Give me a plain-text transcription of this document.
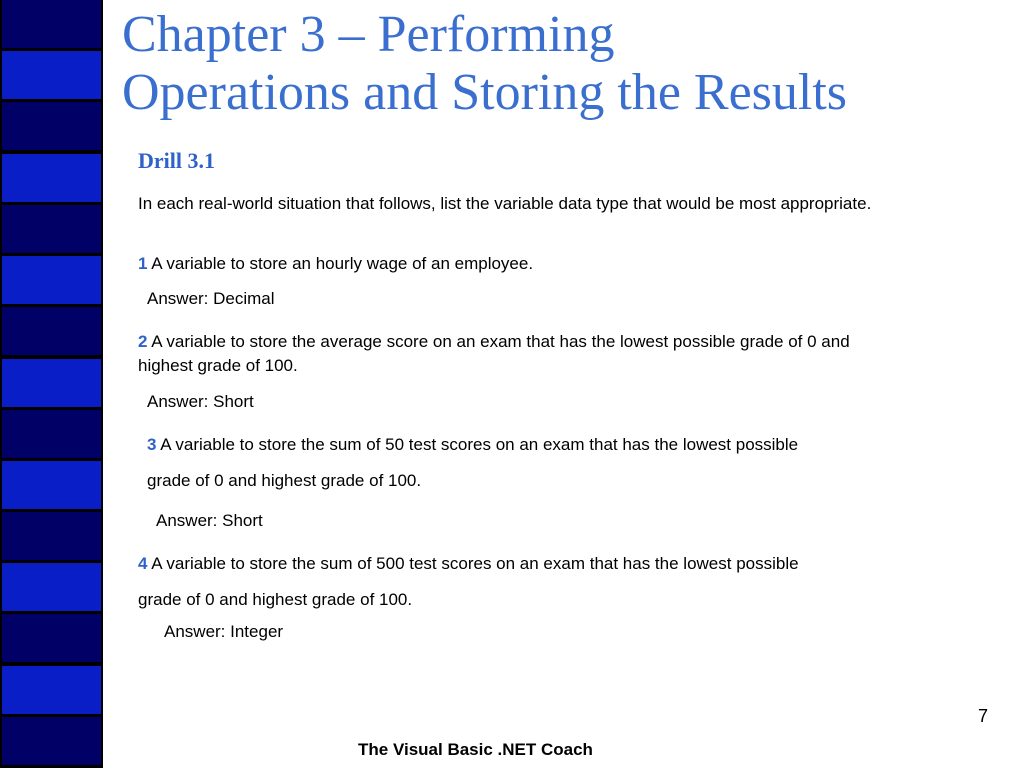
Chapter 3 – Performing
Operations and Storing the Results
Drill 3.1
In each real-world situation that follows, list the variable data type that would be most appropriate.
1 A variable to store an hourly wage of an employee.
Answer: Decimal
2 A variable to store the average score on an exam that has the lowest possible grade of 0 and
highest grade of 100.
Answer: Short
3 A variable to store the sum of 50 test scores on an exam that has the lowest possible
grade of 0 and highest grade of 100.
Answer: Short
4 A variable to store the sum of 500 test scores on an exam that has the lowest possible
grade of 0 and highest grade of 100.
Answer: Integer
7
The Visual Basic .NET Coach
